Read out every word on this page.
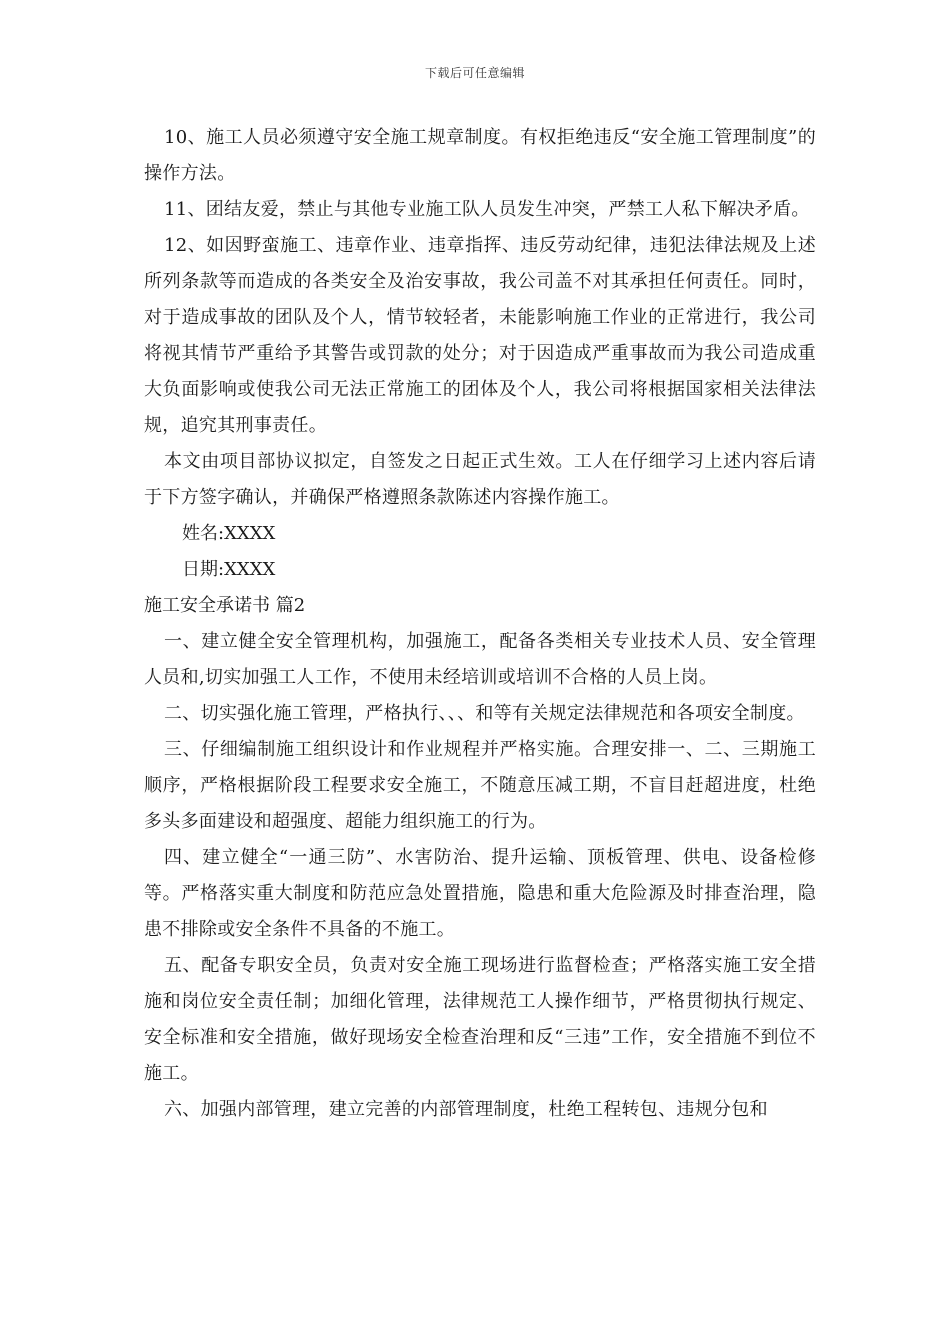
下载后可任意编辑

10、施工人员必须遵守安全施工规章制度。有权拒绝违反“安全施工管理制度”的操作方法。

11、团结友爱，禁止与其他专业施工队人员发生冲突，严禁工人私下解决矛盾。

12、如因野蛮施工、违章作业、违章指挥、违反劳动纪律，违犯法律法规及上述所列条款等而造成的各类安全及治安事故，我公司盖不对其承担任何责任。同时，对于造成事故的团队及个人，情节较轻者，未能影响施工作业的正常进行，我公司将视其情节严重给予其警告或罚款的处分；对于因造成严重事故而为我公司造成重大负面影响或使我公司无法正常施工的团体及个人，我公司将根据国家相关法律法规，追究其刑事责任。

本文由项目部协议拟定，自签发之日起正式生效。工人在仔细学习上述内容后请于下方签字确认，并确保严格遵照条款陈述内容操作施工。

姓名:XXXX

日期:XXXX

施工安全承诺书 篇2

一、建立健全安全管理机构，加强施工，配备各类相关专业技术人员、安全管理人员和,切实加强工人工作，不使用未经培训或培训不合格的人员上岗。

二、切实强化施工管理，严格执行、、、和等有关规定法律规范和各项安全制度。

三、仔细编制施工组织设计和作业规程并严格实施。合理安排一、二、三期施工顺序，严格根据阶段工程要求安全施工，不随意压减工期，不盲目赶超进度，杜绝多头多面建设和超强度、超能力组织施工的行为。

四、建立健全“一通三防”、水害防治、提升运输、顶板管理、供电、设备检修等。严格落实重大制度和防范应急处置措施，隐患和重大危险源及时排查治理，隐患不排除或安全条件不具备的不施工。

五、配备专职安全员，负责对安全施工现场进行监督检查；严格落实施工安全措施和岗位安全责任制；加细化管理，法律规范工人操作细节，严格贯彻执行规定、安全标准和安全措施，做好现场安全检查治理和反“三违”工作，安全措施不到位不施工。

六、加强内部管理，建立完善的内部管理制度，杜绝工程转包、违规分包和
